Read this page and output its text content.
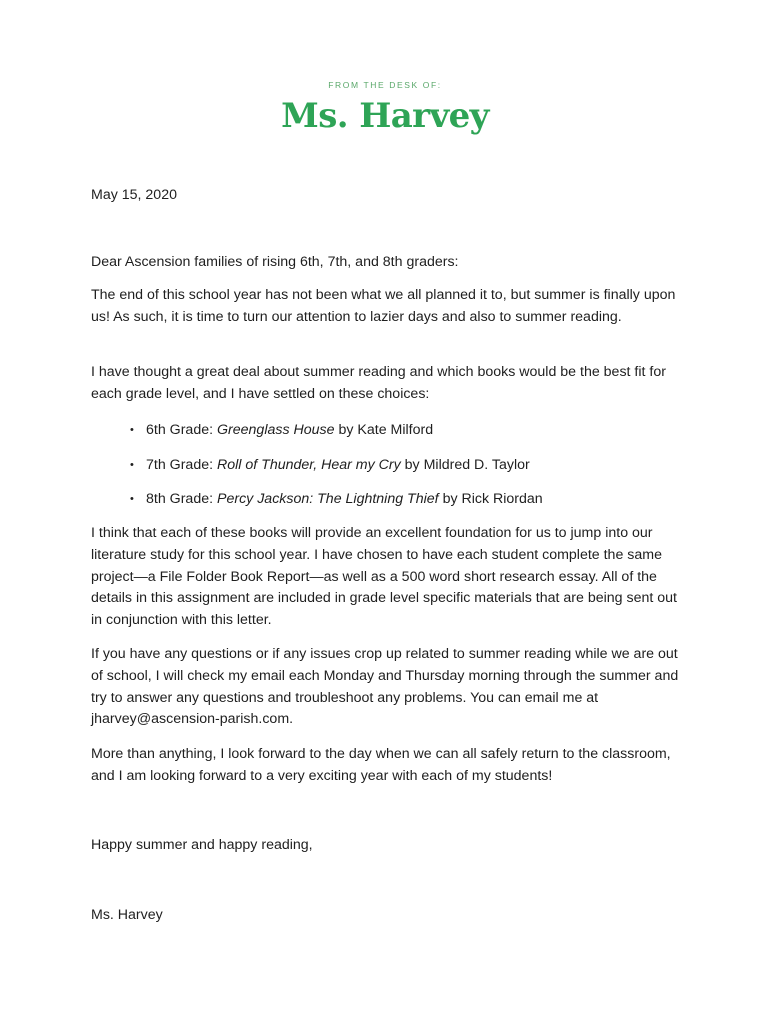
FROM THE DESK OF:
Ms. Harvey
May 15, 2020
Dear Ascension families of rising 6th, 7th, and 8th graders:

The end of this school year has not been what we all planned it to, but summer is finally upon us! As such, it is time to turn our attention to lazier days and also to summer reading.

I have thought a great deal about summer reading and which books would be the best fit for each grade level, and I have settled on these choices:

• 6th Grade: Greenglass House by Kate Milford
• 7th Grade: Roll of Thunder, Hear my Cry by Mildred D. Taylor
• 8th Grade: Percy Jackson: The Lightning Thief by Rick Riordan

I think that each of these books will provide an excellent foundation for us to jump into our literature study for this school year. I have chosen to have each student complete the same project—a File Folder Book Report—as well as a 500 word short research essay. All of the details in this assignment are included in grade level specific materials that are being sent out in conjunction with this letter.

If you have any questions or if any issues crop up related to summer reading while we are out of school, I will check my email each Monday and Thursday morning through the summer and try to answer any questions and troubleshoot any problems. You can email me at jharvey@ascension-parish.com.

More than anything, I look forward to the day when we can all safely return to the classroom, and I am looking forward to a very exciting year with each of my students!

Happy summer and happy reading,
Ms. Harvey
